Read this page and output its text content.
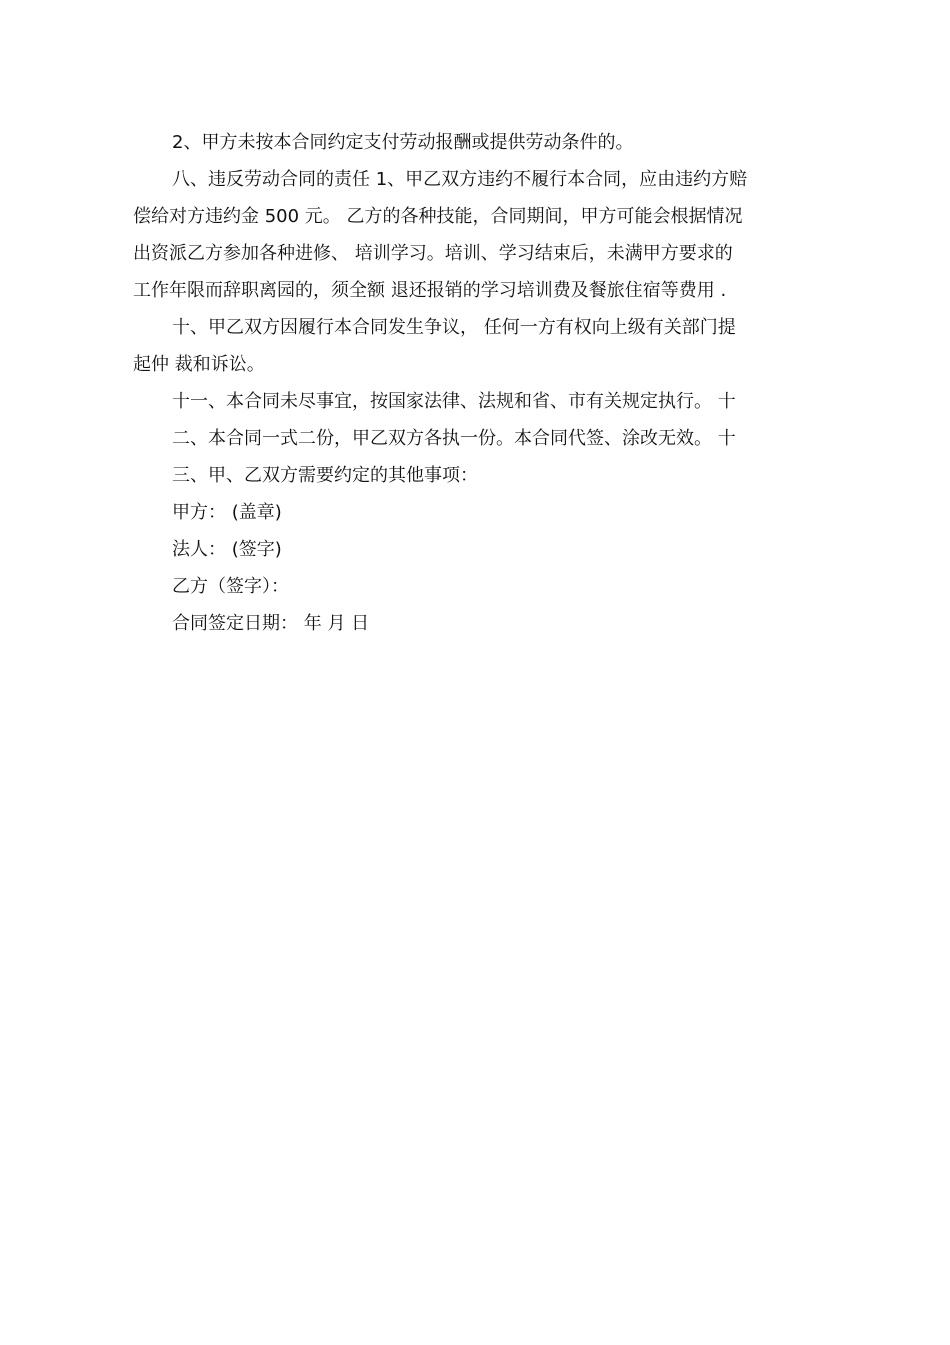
2、甲方未按本合同约定支付劳动报酬或提供劳动条件的。
八、违反劳动合同的责任 1、甲乙双方违约不履行本合同，应由违约方赔
偿给对方违约金 500 元。 乙方的各种技能，合同期间，甲方可能会根据情况
出资派乙方参加各种进修、 培训学习。培训、学习结束后，未满甲方要求的
工作年限而辞职离园的，须全额 退还报销的学习培训费及餐旅住宿等费用 .
十、甲乙双方因履行本合同发生争议， 任何一方有权向上级有关部门提
起仲 裁和诉讼。
十一、本合同未尽事宜，按国家法律、法规和省、市有关规定执行。 十
二、本合同一式二份，甲乙双方各执一份。本合同代签、涂改无效。 十
三、甲、乙双方需要约定的其他事项：
甲方： (盖章)
法人： (签字)
乙方（签字）：
合同签定日期： 年 月 日
